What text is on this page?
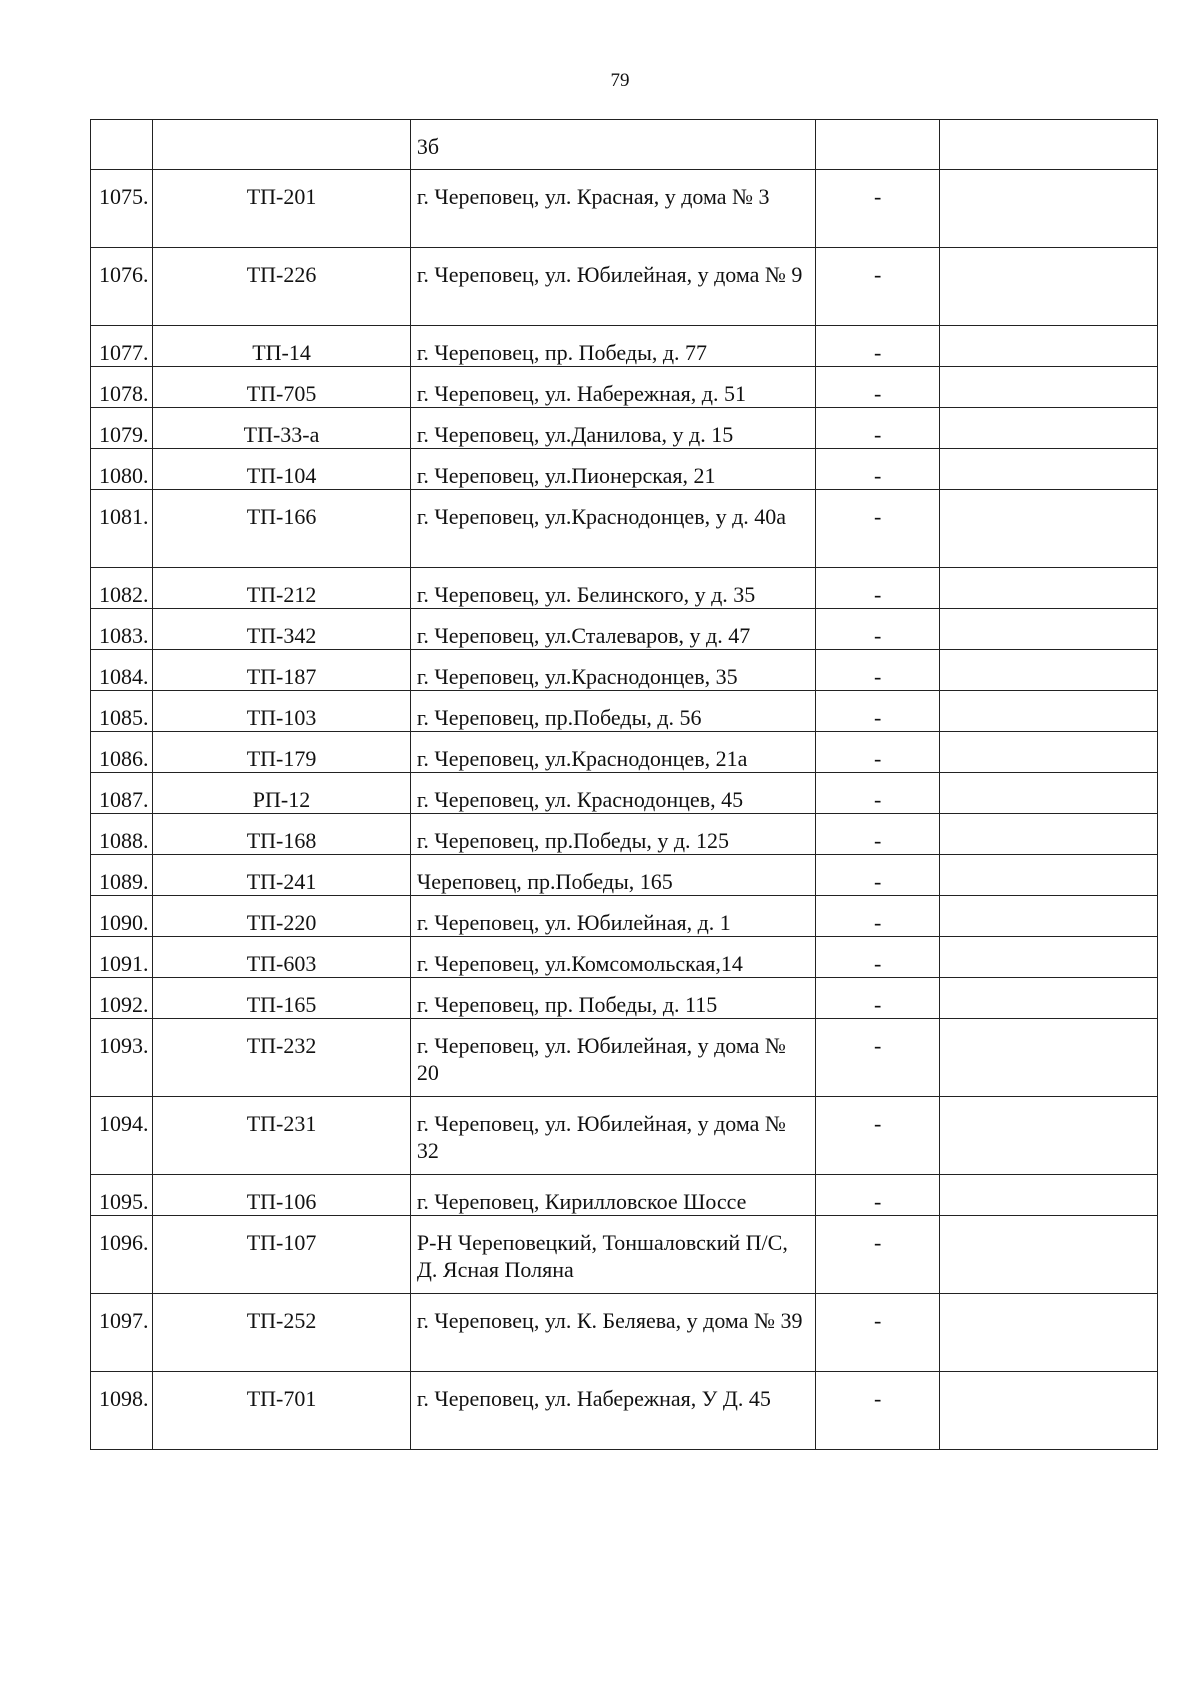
79
		3б		
1075.	ТП-201	г. Череповец, ул. Красная, у дома № 3	-	
1076.	ТП-226	г. Череповец, ул. Юбилейная, у дома № 9	-	
1077.	ТП-14	г. Череповец, пр. Победы, д. 77	-	
1078.	ТП-705	г. Череповец, ул. Набережная, д. 51	-	
1079.	ТП-33-а	г. Череповец, ул.Данилова, у д. 15	-	
1080.	ТП-104	г. Череповец, ул.Пионерская, 21	-	
1081.	ТП-166	г. Череповец, ул.Краснодонцев, у д. 40а	-	
1082.	ТП-212	г. Череповец, ул. Белинского, у д. 35	-	
1083.	ТП-342	г. Череповец, ул.Сталеваров, у д. 47	-	
1084.	ТП-187	г. Череповец, ул.Краснодонцев, 35	-	
1085.	ТП-103	г. Череповец, пр.Победы, д. 56	-	
1086.	ТП-179	г. Череповец, ул.Краснодонцев, 21а	-	
1087.	РП-12	г. Череповец, ул. Краснодонцев, 45	-	
1088.	ТП-168	г. Череповец, пр.Победы, у д. 125	-	
1089.	ТП-241	Череповец, пр.Победы, 165	-	
1090.	ТП-220	г. Череповец, ул. Юбилейная, д. 1	-	
1091.	ТП-603	г. Череповец, ул.Комсомольская,14	-	
1092.	ТП-165	г. Череповец, пр. Победы, д. 115	-	
1093.	ТП-232	г. Череповец, ул. Юбилейная, у дома № 20	-	
1094.	ТП-231	г. Череповец, ул. Юбилейная, у дома № 32	-	
1095.	ТП-106	г. Череповец, Кирилловское Шоссе	-	
1096.	ТП-107	Р-Н Череповецкий, Тоншаловский П/С, Д. Ясная Поляна	-	
1097.	ТП-252	г. Череповец, ул. К. Беляева, у дома № 39	-	
1098.	ТП-701	г. Череповец, ул. Набережная, У Д. 45	-	
